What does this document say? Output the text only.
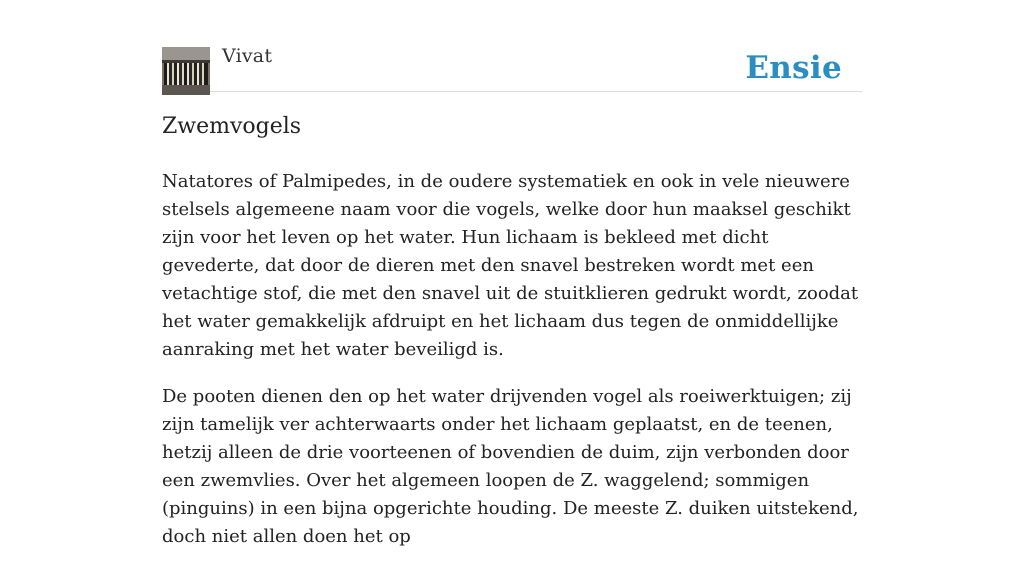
Vivat	Ensie
Zwemvogels

Natatores of Palmipedes, in de oudere systematiek en ook in vele nieuwere stelsels algemeene naam voor die vogels, welke door hun maaksel geschikt zijn voor het leven op het water. Hun lichaam is bekleed met dicht gevederte, dat door de dieren met den snavel bestreken wordt met een vetachtige stof, die met den snavel uit de stuitklieren gedrukt wordt, zoodat het water gemakkelijk afdruipt en het lichaam dus tegen de onmiddellijke aanraking met het water beveiligd is.

De pooten dienen den op het water drijvenden vogel als roeiwerktuigen; zij zijn tamelijk ver achterwaarts onder het lichaam geplaatst, en de teenen, hetzij alleen de drie voorteenen of bovendien de duim, zijn verbonden door een zwemvlies. Over het algemeen loopen de Z. waggelend; sommigen (pinguins) in een bijna opgerichte houding. De meeste Z. duiken uitstekend, doch niet allen doen het op
